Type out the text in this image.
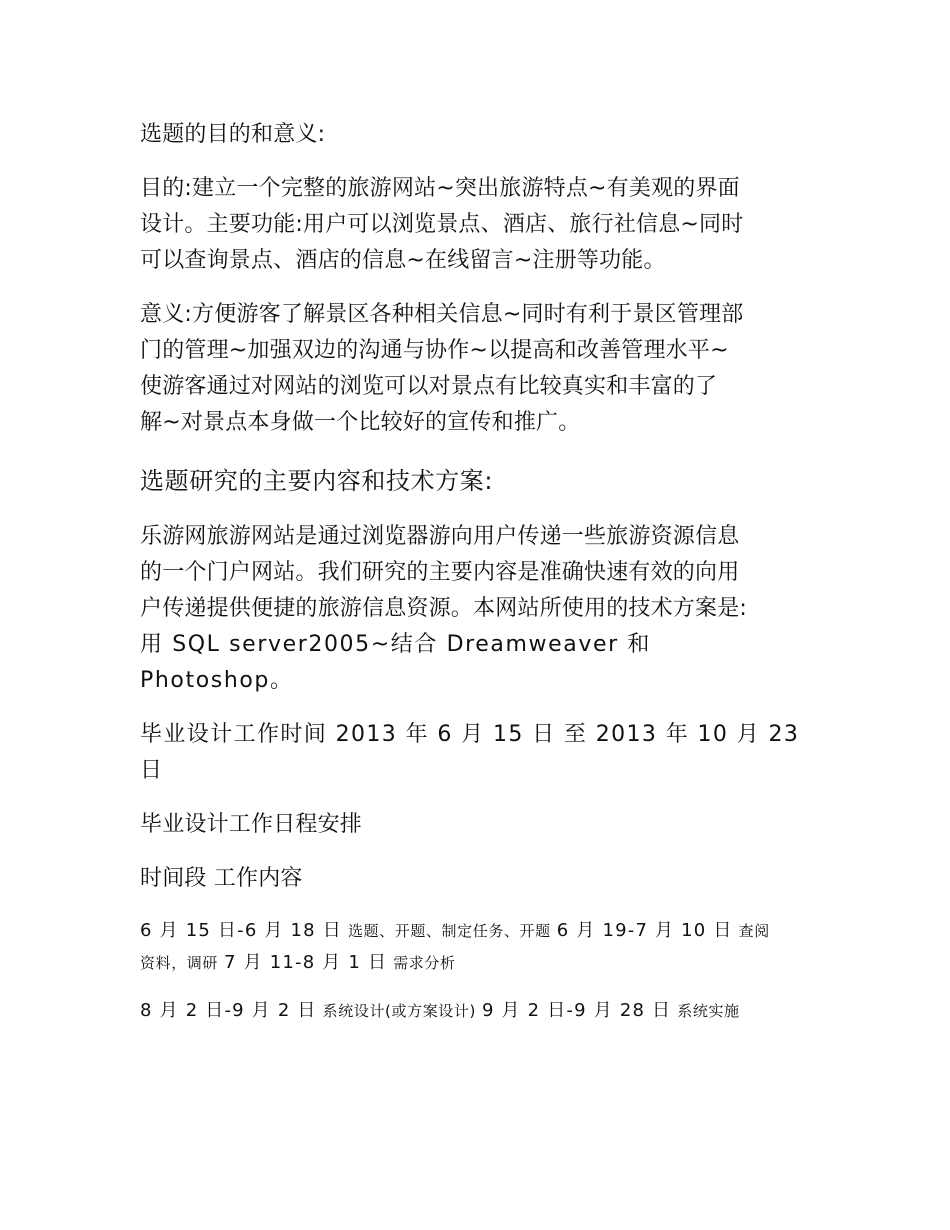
选题的目的和意义:

目的:建立一个完整的旅游网站~突出旅游特点~有美观的界面
设计。主要功能:用户可以浏览景点、酒店、旅行社信息~同时
可以查询景点、酒店的信息~在线留言~注册等功能。

意义:方便游客了解景区各种相关信息~同时有利于景区管理部
门的管理~加强双边的沟通与协作~以提高和改善管理水平~
使游客通过对网站的浏览可以对景点有比较真实和丰富的了
解~对景点本身做一个比较好的宣传和推广。

选题研究的主要内容和技术方案:

乐游网旅游网站是通过浏览器游向用户传递一些旅游资源信息
的一个门户网站。我们研究的主要内容是准确快速有效的向用
户传递提供便捷的旅游信息资源。本网站所使用的技术方案是:
用 SQL server2005~结合 Dreamweaver 和
Photoshop。

毕业设计工作时间 2013 年 6 月 15 日 至 2013 年 10 月 23
日

毕业设计工作日程安排

时间段 工作内容

6 月 15 日-6 月 18 日 选题、开题、制定任务、开题 6 月 19-7 月 10 日 查阅
资料，调研 7 月 11-8 月 1 日 需求分析

8 月 2 日-9 月 2 日 系统设计(或方案设计) 9 月 2 日-9 月 28 日 系统实施
